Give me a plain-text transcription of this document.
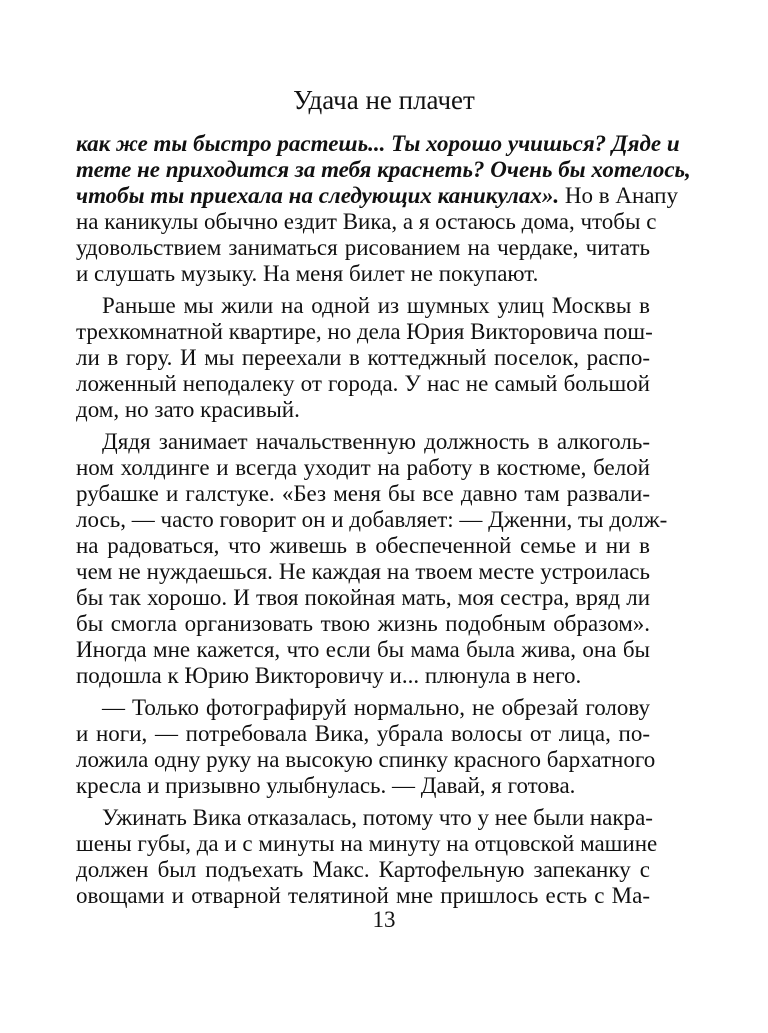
Удача не плачет
как же ты быстро растешь... Ты хорошо учишься? Дяде и
тете не приходится за тебя краснеть? Очень бы хотелось,
чтобы ты приехала на следующих каникулах». Но в Анапу
на каникулы обычно ездит Вика, а я остаюсь дома, чтобы с
удовольствием заниматься рисованием на чердаке, читать
и слушать музыку. На меня билет не покупают.
Раньше мы жили на одной из шумных улиц Москвы в
трехкомнатной квартире, но дела Юрия Викторовича пош-
ли в гору. И мы переехали в коттеджный поселок, распо-
ложенный неподалеку от города. У нас не самый большой
дом, но зато красивый.
Дядя занимает начальственную должность в алкоголь-
ном холдинге и всегда уходит на работу в костюме, белой
рубашке и галстуке. «Без меня бы все давно там развали-
лось, — часто говорит он и добавляет: — Дженни, ты долж-
на радоваться, что живешь в обеспеченной семье и ни в
чем не нуждаешься. Не каждая на твоем месте устроилась
бы так хорошо. И твоя покойная мать, моя сестра, вряд ли
бы смогла организовать твою жизнь подобным образом».
Иногда мне кажется, что если бы мама была жива, она бы
подошла к Юрию Викторовичу и... плюнула в него.
— Только фотографируй нормально, не обрезай голову
и ноги, — потребовала Вика, убрала волосы от лица, по-
ложила одну руку на высокую спинку красного бархатного
кресла и призывно улыбнулась. — Давай, я готова.
Ужинать Вика отказалась, потому что у нее были накра-
шены губы, да и с минуты на минуту на отцовской машине
должен был подъехать Макс. Картофельную запеканку с
овощами и отварной телятиной мне пришлось есть с Ма-
13
